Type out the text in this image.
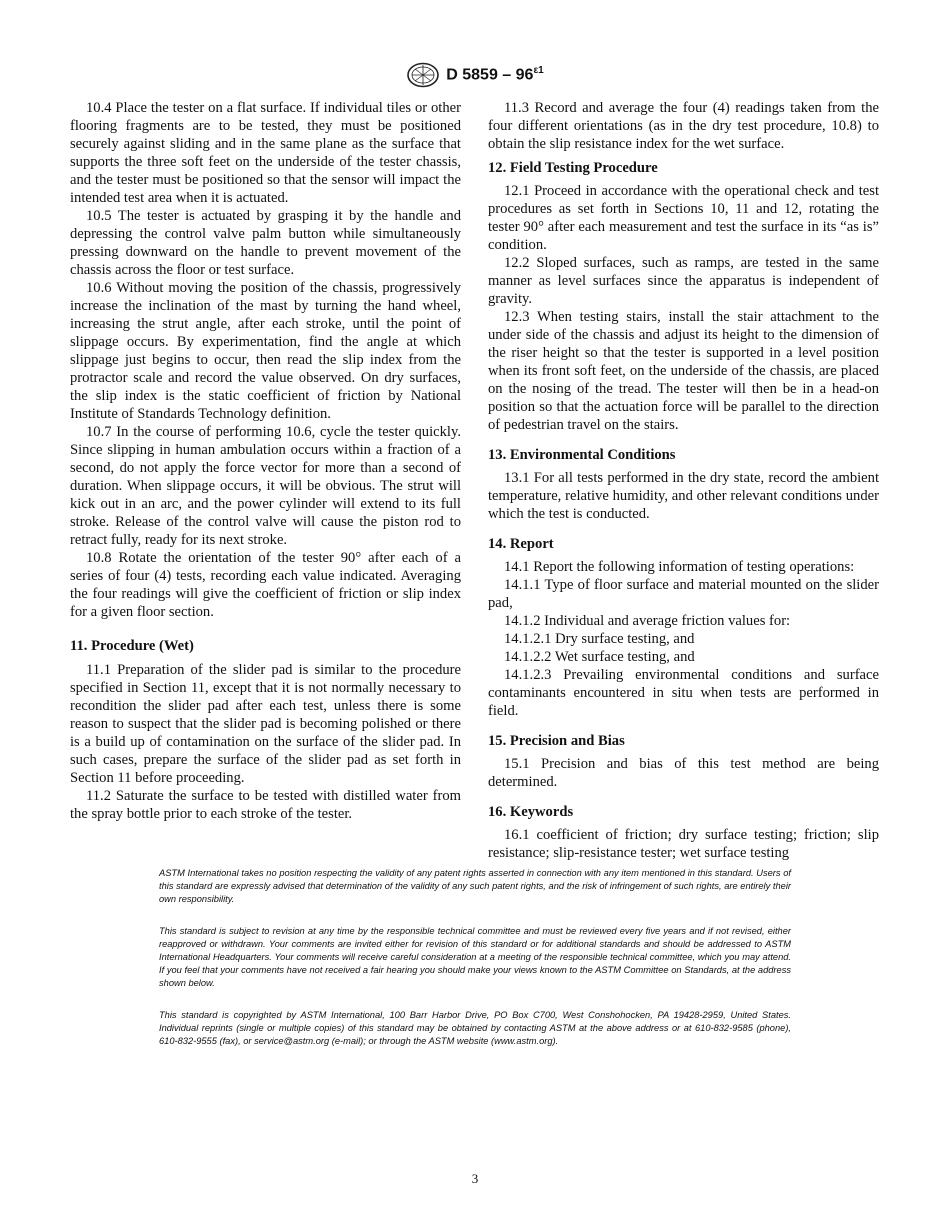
D $5859 - 96^{\varepsilon 1}$

10.4 Place the tester on a flat surface. If individual tiles or other flooring fragments are to be tested, they must be positioned securely against sliding and in the same plane as the surface that supports the three soft feet on the underside of the tester chassis, and the tester must be positioned so that the sensor will impact the intended test area when it is actuated.

10.5 The tester is actuated by grasping it by the handle and depressing the control valve palm button while simultaneously pressing downward on the handle to prevent movement of the chassis across the floor or test surface.

10.6 Without moving the position of the chassis, progressively increase the inclination of the mast by turning the hand wheel, increasing the strut angle, after each stroke, until the point of slippage occurs. By experimentation, find the angle at which slippage just begins to occur, then read the slip index from the protractor scale and record the value observed. On dry surfaces, the slip index is the static coefficient of friction by National Institute of Standards Technology definition.

10.7 In the course of performing 10.6, cycle the tester quickly. Since slipping in human ambulation occurs within a fraction of a second, do not apply the force vector for more than a second of duration. When slippage occurs, it will be obvious. The strut will kick out in an arc, and the power cylinder will extend to its full stroke. Release of the control valve will cause the piston rod to retract fully, ready for its next stroke.

10.8 Rotate the orientation of the tester 90° after each of a series of four (4) tests, recording each value indicated. Averaging the four readings will give the coefficient of friction or slip index for a given floor section.

11. Procedure (Wet)

11.1 Preparation of the slider pad is similar to the procedure specified in Section 11, except that it is not normally necessary to recondition the slider pad after each test, unless there is some reason to suspect that the slider pad is becoming polished or there is a build up of contamination on the surface of the slider pad. In such cases, prepare the surface of the slider pad as set forth in Section 11 before proceeding.

11.2 Saturate the surface to be tested with distilled water from the spray bottle prior to each stroke of the tester.

11.3 Record and average the four (4) readings taken from the four different orientations (as in the dry test procedure, 10.8) to obtain the slip resistance index for the wet surface.

12. Field Testing Procedure

12.1 Proceed in accordance with the operational check and test procedures as set forth in Sections 10, 11 and 12, rotating the tester 90° after each measurement and test the surface in its “as is” condition.

12.2 Sloped surfaces, such as ramps, are tested in the same manner as level surfaces since the apparatus is independent of gravity.

12.3 When testing stairs, install the stair attachment to the under side of the chassis and adjust its height to the dimension of the riser height so that the tester is supported in a level position when its front soft feet, on the underside of the chassis, are placed on the nosing of the tread. The tester will then be in a head-on position so that the actuation force will be parallel to the direction of pedestrian travel on the stairs.

13. Environmental Conditions

13.1 For all tests performed in the dry state, record the ambient temperature, relative humidity, and other relevant conditions under which the test is conducted.

14. Report

14.1 Report the following information of testing operations:

14.1.1 Type of floor surface and material mounted on the slider pad,

14.1.2 Individual and average friction values for:

14.1.2.1 Dry surface testing, and

14.1.2.2 Wet surface testing, and

14.1.2.3 Prevailing environmental conditions and surface contaminants encountered in situ when tests are performed in field.

15. Precision and Bias

15.1 Precision and bias of this test method are being determined.

16. Keywords

16.1 coefficient of friction; dry surface testing; friction; slip resistance; slip-resistance tester; wet surface testing

ASTM International takes no position respecting the validity of any patent rights asserted in connection with any item mentioned in this standard. Users of this standard are expressly advised that determination of the validity of any such patent rights, and the risk of infringement of such rights, are entirely their own responsibility.

This standard is subject to revision at any time by the responsible technical committee and must be reviewed every five years and if not revised, either reapproved or withdrawn. Your comments are invited either for revision of this standard or for additional standards and should be addressed to ASTM International Headquarters. Your comments will receive careful consideration at a meeting of the responsible technical committee, which you may attend. If you feel that your comments have not received a fair hearing you should make your views known to the ASTM Committee on Standards, at the address shown below.

This standard is copyrighted by ASTM International, 100 Barr Harbor Drive, PO Box C700, West Conshohocken, PA 19428-2959, United States. Individual reprints (single or multiple copies) of this standard may be obtained by contacting ASTM at the above address or at 610-832-9585 (phone), 610-832-9555 (fax), or service@astm.org (e-mail); or through the ASTM website (www.astm.org).

3
